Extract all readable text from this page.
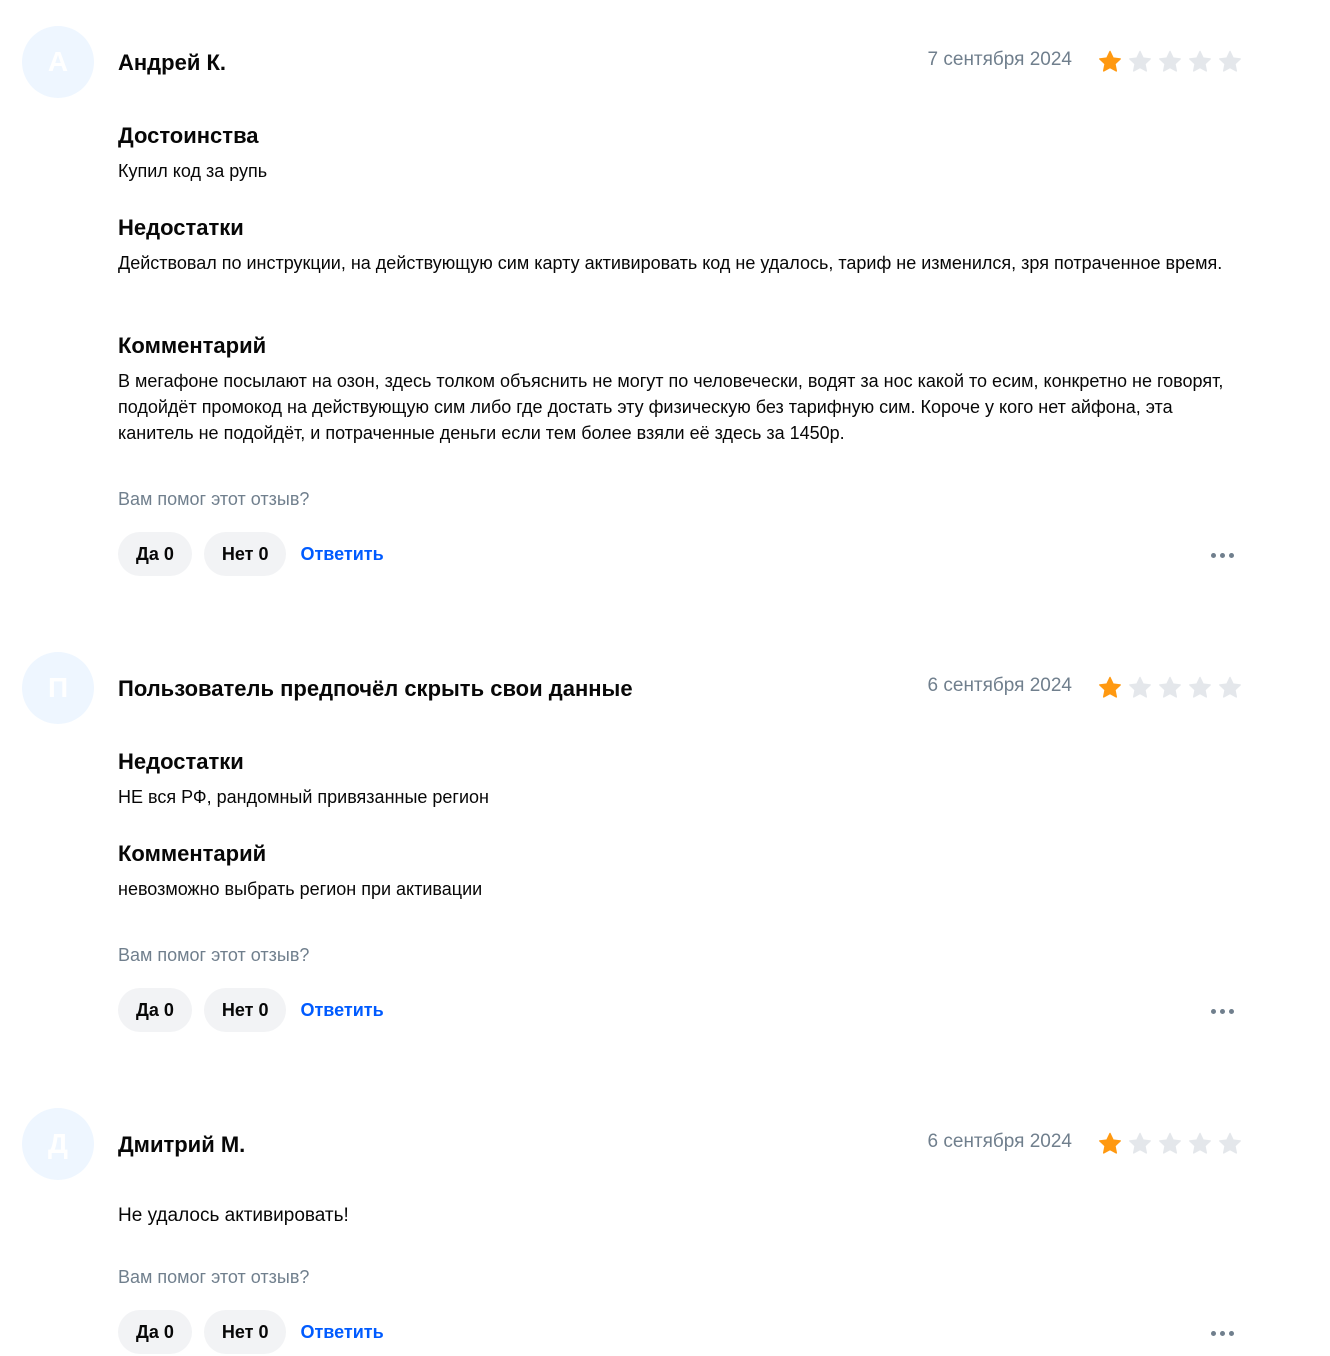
А	Андрей К.	7 сентября 2024
Достоинства
Купил код за рупь
Недостатки
Действовал по инструкции, на действующую сим карту активировать код не удалось, тариф не изменился, зря потраченное время.
Комментарий
В мегафоне посылают на озон, здесь толком объяснить не могут по человечески, водят за нос какой то есим, конкретно не говорят, подойдёт промокод на действующую сим либо где достать эту физическую без тарифную сим. Короче у кого нет айфона, эта канитель не подойдёт, и потраченные деньги если тем более взяли её здесь за 1450р.
Вам помог этот отзыв?
Да 0	Нет 0	Ответить
П	Пользователь предпочёл скрыть свои данные	6 сентября 2024
Недостатки
НЕ вся РФ, рандомный привязанные регион
Комментарий
невозможно выбрать регион при активации
Вам помог этот отзыв?
Да 0	Нет 0	Ответить
Д	Дмитрий М.	6 сентября 2024
Не удалось активировать!
Вам помог этот отзыв?
Да 0	Нет 0	Ответить
